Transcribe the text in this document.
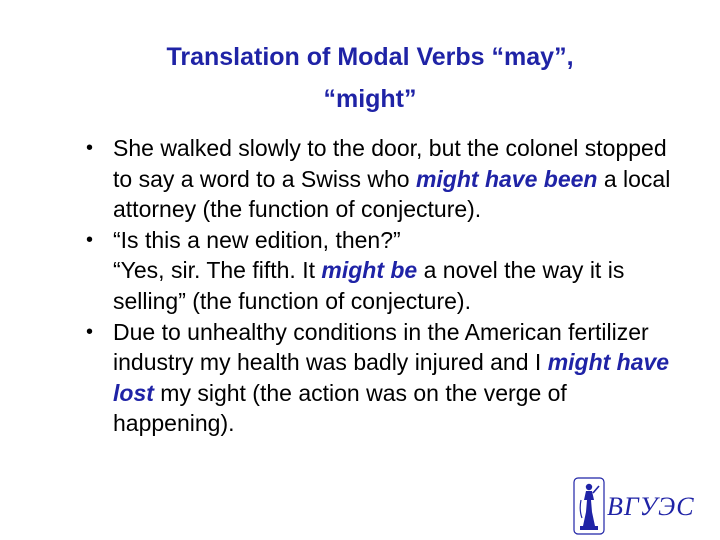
Translation of Modal Verbs “may”,
“might”
• She walked slowly to the door, but the colonel stopped to say a word to a Swiss who might have been a local attorney (the function of conjecture).
• “Is this a new edition, then?”
“Yes, sir. The fifth. It might be a novel the way it is selling” (the function of conjecture).
• Due to unhealthy conditions in the American fertilizer industry my health was badly injured and I might have lost my sight (the action was on the verge of happening).
ВГУЭС
